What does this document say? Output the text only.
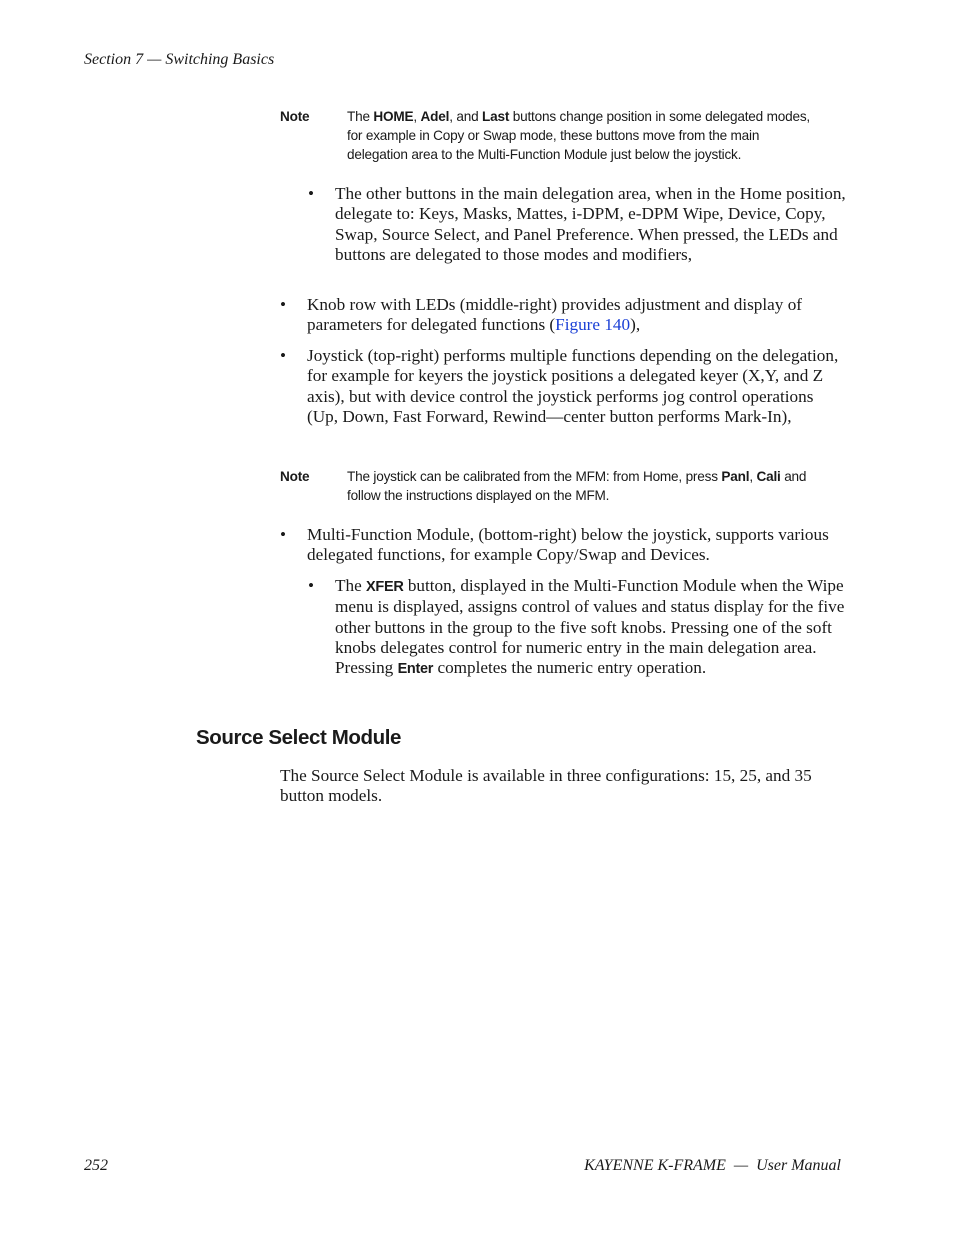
Section 7 — Switching Basics
Note	The HOME, Adel, and Last buttons change position in some delegated modes, for example in Copy or Swap mode, these buttons move from the main delegation area to the Multi-Function Module just below the joystick.
• The other buttons in the main delegation area, when in the Home position, delegate to: Keys, Masks, Mattes, i-DPM, e-DPM Wipe, Device, Copy, Swap, Source Select, and Panel Preference. When pressed, the LEDs and buttons are delegated to those modes and modifiers,
• Knob row with LEDs (middle-right) provides adjustment and display of parameters for delegated functions (Figure 140),
• Joystick (top-right) performs multiple functions depending on the delegation, for example for keyers the joystick positions a delegated keyer (X,Y, and Z axis), but with device control the joystick performs jog control operations (Up, Down, Fast Forward, Rewind—center button performs Mark-In),
Note	The joystick can be calibrated from the MFM: from Home, press Panl, Cali and follow the instructions displayed on the MFM.
• Multi-Function Module, (bottom-right) below the joystick, supports various delegated functions, for example Copy/Swap and Devices.
• The XFER button, displayed in the Multi-Function Module when the Wipe menu is displayed, assigns control of values and status display for the five other buttons in the group to the five soft knobs. Pressing one of the soft knobs delegates control for numeric entry in the main delegation area. Pressing Enter completes the numeric entry operation.
Source Select Module
The Source Select Module is available in three configurations: 15, 25, and 35 button models.
252	KAYENNE K-FRAME  —  User Manual
